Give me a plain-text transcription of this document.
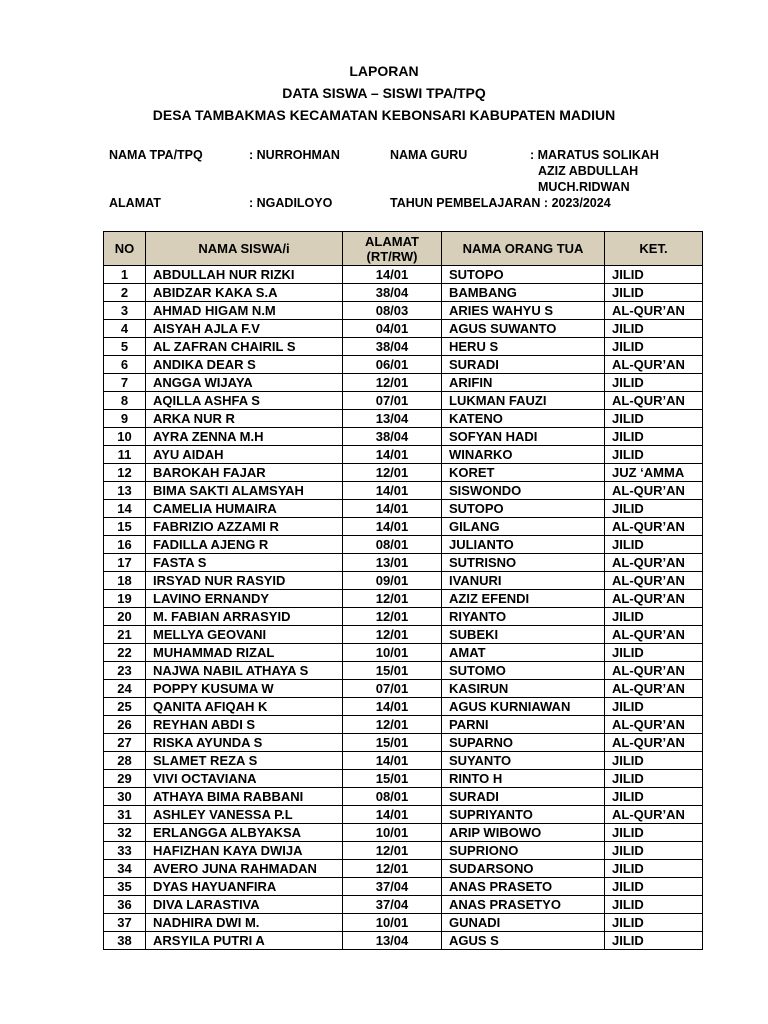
LAPORAN
DATA SISWA – SISWI TPA/TPQ
DESA TAMBAKMAS KECAMATAN KEBONSARI KABUPATEN MADIUN
NAMA TPA/TPQ	: NURROHMAN	NAMA GURU	: MARATUS SOLIKAH
AZIZ ABDULLAH
MUCH.RIDWAN
ALAMAT	: NGADILOYO	TAHUN PEMBELAJARAN : 2023/2024
NO	NAMA SISWA/i	ALAMAT (RT/RW)	NAMA ORANG TUA	KET.
1	ABDULLAH NUR RIZKI	14/01	SUTOPO	JILID
2	ABIDZAR KAKA S.A	38/04	BAMBANG	JILID
3	AHMAD HIGAM N.M	08/03	ARIES WAHYU S	AL-QUR’AN
4	AISYAH AJLA F.V	04/01	AGUS SUWANTO	JILID
5	AL ZAFRAN CHAIRIL S	38/04	HERU S	JILID
6	ANDIKA DEAR S	06/01	SURADI	AL-QUR’AN
7	ANGGA WIJAYA	12/01	ARIFIN	JILID
8	AQILLA ASHFA S	07/01	LUKMAN FAUZI	AL-QUR’AN
9	ARKA NUR R	13/04	KATENO	JILID
10	AYRA ZENNA M.H	38/04	SOFYAN HADI	JILID
11	AYU AIDAH	14/01	WINARKO	JILID
12	BAROKAH FAJAR	12/01	KORET	JUZ ‘AMMA
13	BIMA SAKTI ALAMSYAH	14/01	SISWONDO	AL-QUR’AN
14	CAMELIA HUMAIRA	14/01	SUTOPO	JILID
15	FABRIZIO AZZAMI R	14/01	GILANG	AL-QUR’AN
16	FADILLA AJENG R	08/01	JULIANTO	JILID
17	FASTA S	13/01	SUTRISNO	AL-QUR’AN
18	IRSYAD NUR RASYID	09/01	IVANURI	AL-QUR’AN
19	LAVINO ERNANDY	12/01	AZIZ EFENDI	AL-QUR’AN
20	M. FABIAN ARRASYID	12/01	RIYANTO	JILID
21	MELLYA GEOVANI	12/01	SUBEKI	AL-QUR’AN
22	MUHAMMAD RIZAL	10/01	AMAT	JILID
23	NAJWA NABIL ATHAYA S	15/01	SUTOMO	AL-QUR’AN
24	POPPY KUSUMA W	07/01	KASIRUN	AL-QUR’AN
25	QANITA AFIQAH K	14/01	AGUS KURNIAWAN	JILID
26	REYHAN ABDI S	12/01	PARNI	AL-QUR’AN
27	RISKA AYUNDA S	15/01	SUPARNO	AL-QUR’AN
28	SLAMET REZA S	14/01	SUYANTO	JILID
29	VIVI OCTAVIANA	15/01	RINTO H	JILID
30	ATHAYA BIMA RABBANI	08/01	SURADI	JILID
31	ASHLEY VANESSA P.L	14/01	SUPRIYANTO	AL-QUR’AN
32	ERLANGGA ALBYAKSA	10/01	ARIP WIBOWO	JILID
33	HAFIZHAN KAYA DWIJA	12/01	SUPRIONO	JILID
34	AVERO JUNA RAHMADAN	12/01	SUDARSONO	JILID
35	DYAS HAYUANFIRA	37/04	ANAS PRASETO	JILID
36	DIVA LARASTIVA	37/04	ANAS PRASETYO	JILID
37	NADHIRA DWI M.	10/01	GUNADI	JILID
38	ARSYILA PUTRI A	13/04	AGUS S	JILID
